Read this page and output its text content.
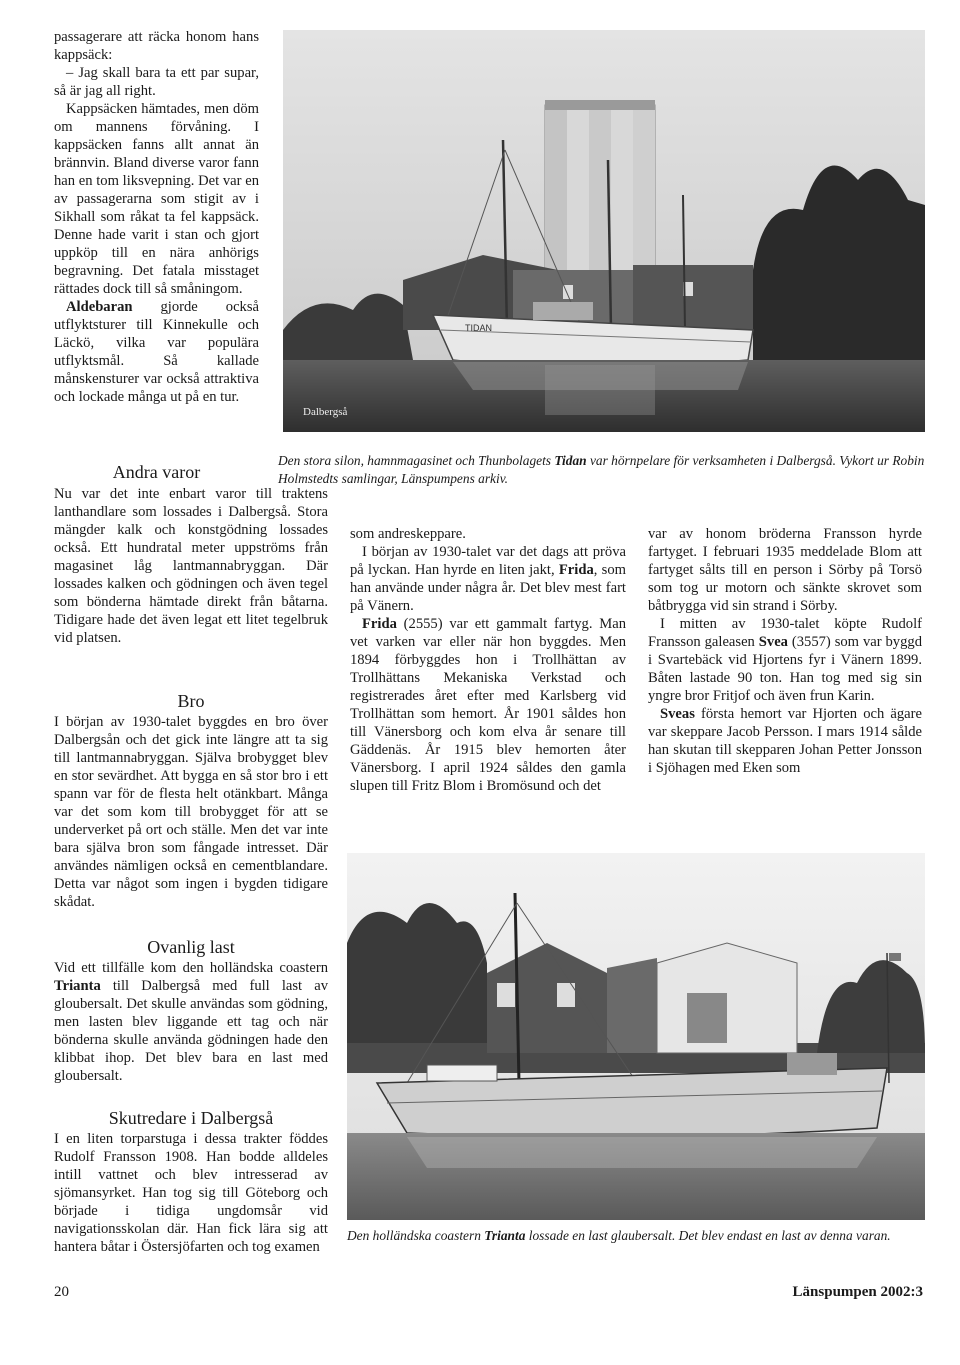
passagerare att räcka honom hans kappsäck:

– Jag skall bara ta ett par supar, så är jag all right.

Kappsäcken hämtades, men döm om mannens förvåning. I kappsäcken fanns allt annat än brännvin. Bland diverse varor fann han en tom liksvepning. Det var en av passagerarna som stigit av i Sikhall som råkat ta fel kappsäck. Denne hade varit i stan och gjort uppköp till en nära anhörigs begravning. Det fatala misstaget rättades dock till så småningom.

Aldebaran gjorde också utflyktsturer till Kinnekulle och Läckö, vilka var populära utflyktsmål. Så kallade månskensturer var också attraktiva och lockade många ut på en tur.

TIDAN
Dalbergså
Den stora silon, hamnmagasinet och Thunbolagets Tidan var hörnpelare för verksamheten i Dalbergså. Vykort ur Robin Holmstedts samlingar, Länspumpens arkiv.
Andra varor

Nu var det inte enbart varor till traktens lanthandlare som lossades i Dalbergså. Stora mängder kalk och konstgödning lossades också. Ett hundratal meter uppströms från magasinet låg lantmannabryggan. Där lossades kalken och gödningen och även tegel som bönderna hämtade direkt från båtarna. Tidigare hade det även legat ett litet tegelbruk vid platsen.

Bro

I början av 1930-talet byggdes en bro över Dalbergsån och det gick inte längre att ta sig till lantmannabryggan. Själva brobygget blev en stor sevärdhet. Att bygga en så stor bro i ett spann var för de flesta helt otänkbart. Många var det som kom till brobygget för att se underverket på ort och ställe. Men det var inte bara själva bron som fångade intresset. Där användes nämligen också en cementblandare. Detta var något som ingen i bygden tidigare skådat.

Ovanlig last

Vid ett tillfälle kom den holländska coastern Trianta till Dalbergså med full last av gloubersalt. Det skulle användas som gödning, men lasten blev liggande ett tag och när bönderna skulle använda gödningen hade den klibbat ihop. Det blev bara en last med gloubersalt.

Skutredare i Dalbergså

I en liten torparstuga i dessa trakter föddes Rudolf Fransson 1908. Han bodde alldeles intill vattnet och blev intresserad av sjömansyrket. Han tog sig till Göteborg och började i tidiga ungdomsår vid navigationsskolan där. Han fick lära sig att hantera båtar i Östersjöfarten och tog examen

som andreskeppare.

I början av 1930-talet var det dags att pröva på lyckan. Han hyrde en liten jakt, Frida, som han använde under några år. Det blev mest fart på Vänern.

Frida (2555) var ett gammalt fartyg. Man vet varken var eller när hon byggdes. Men 1894 förbyggdes hon i Trollhättan av Trollhättans Mekaniska Verkstad och registrerades året efter med Karlsberg vid Trollhättan som hemort. År 1901 såldes hon till Vänersborg och kom elva år senare till Gäddenäs. År 1915 blev hemorten åter Vänersborg. I april 1924 såldes den gamla slupen till Fritz Blom i Bromösund och det

var av honom bröderna Fransson hyrde fartyget. I februari 1935 meddelade Blom att fartyget sålts till en person i Sörby på Torsö som tog ur motorn och sänkte skrovet som båtbrygga vid sin strand i Sörby.

I mitten av 1930-talet köpte Rudolf Fransson galeasen Svea (3557) som var byggd i Svartebäck vid Hjortens fyr i Vänern 1899. Båten lastade 90 ton. Han tog med sig sin yngre bror Fritjof och även frun Karin.

Sveas första hemort var Hjorten och ägare var skeppare Jacob Persson. I mars 1914 sålde han skutan till skepparen Johan Petter Jonsson i Sjöhagen med Eken som

Den holländska coastern Trianta lossade en last glaubersalt. Det blev endast en last av denna varan.
20	Länspumpen 2002:3
